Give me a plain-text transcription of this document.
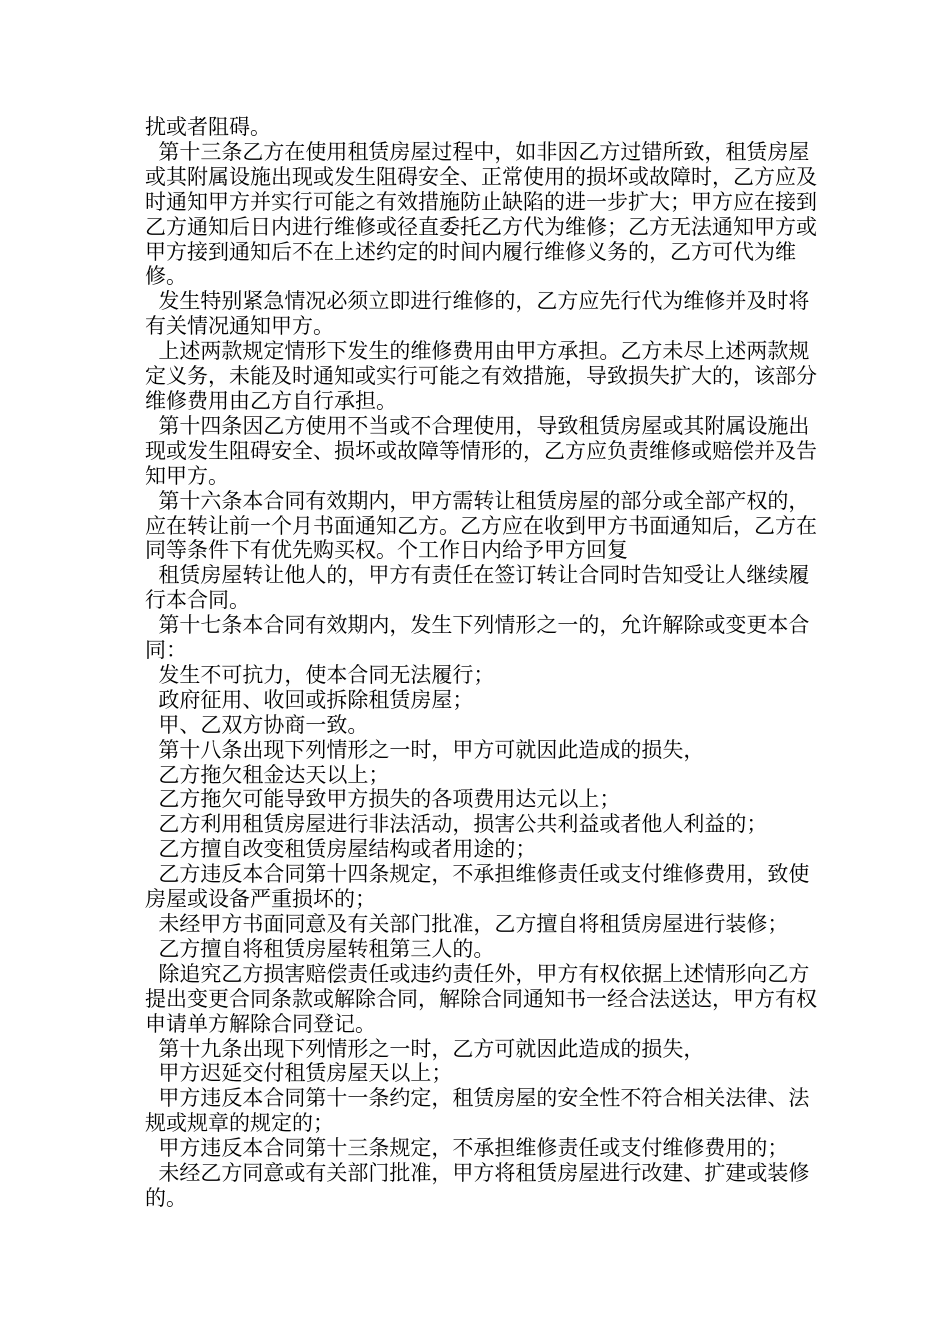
扰或者阻碍。

第十三条乙方在使用租赁房屋过程中，如非因乙方过错所致，租赁房屋或其附属设施出现或发生阻碍安全、正常使用的损坏或故障时，乙方应及时通知甲方并实行可能之有效措施防止缺陷的进一步扩大；甲方应在接到乙方通知后日内进行维修或径直委托乙方代为维修；乙方无法通知甲方或甲方接到通知后不在上述约定的时间内履行维修义务的，乙方可代为维修。

发生特别紧急情况必须立即进行维修的，乙方应先行代为维修并及时将有关情况通知甲方。

上述两款规定情形下发生的维修费用由甲方承担。乙方未尽上述两款规定义务，未能及时通知或实行可能之有效措施，导致损失扩大的，该部分维修费用由乙方自行承担。

第十四条因乙方使用不当或不合理使用，导致租赁房屋或其附属设施出现或发生阻碍安全、损坏或故障等情形的，乙方应负责维修或赔偿并及告知甲方。

第十六条本合同有效期内，甲方需转让租赁房屋的部分或全部产权的，应在转让前一个月书面通知乙方。乙方应在收到甲方书面通知后，乙方在同等条件下有优先购买权。个工作日内给予甲方回复

租赁房屋转让他人的，甲方有责任在签订转让合同时告知受让人继续履行本合同。

第十七条本合同有效期内，发生下列情形之一的，允许解除或变更本合同：

发生不可抗力，使本合同无法履行；

政府征用、收回或拆除租赁房屋；

甲、乙双方协商一致。

第十八条出现下列情形之一时，甲方可就因此造成的损失，

乙方拖欠租金达天以上；

乙方拖欠可能导致甲方损失的各项费用达元以上；

乙方利用租赁房屋进行非法活动，损害公共利益或者他人利益的；

乙方擅自改变租赁房屋结构或者用途的；

乙方违反本合同第十四条规定，不承担维修责任或支付维修费用，致使房屋或设备严重损坏的；

未经甲方书面同意及有关部门批准，乙方擅自将租赁房屋进行装修；

乙方擅自将租赁房屋转租第三人的。

除追究乙方损害赔偿责任或违约责任外，甲方有权依据上述情形向乙方提出变更合同条款或解除合同，解除合同通知书一经合法送达，甲方有权申请单方解除合同登记。

第十九条出现下列情形之一时，乙方可就因此造成的损失，

甲方迟延交付租赁房屋天以上；

甲方违反本合同第十一条约定，租赁房屋的安全性不符合相关法律、法规或规章的规定的；

甲方违反本合同第十三条规定，不承担维修责任或支付维修费用的；

未经乙方同意或有关部门批准，甲方将租赁房屋进行改建、扩建或装修的。
